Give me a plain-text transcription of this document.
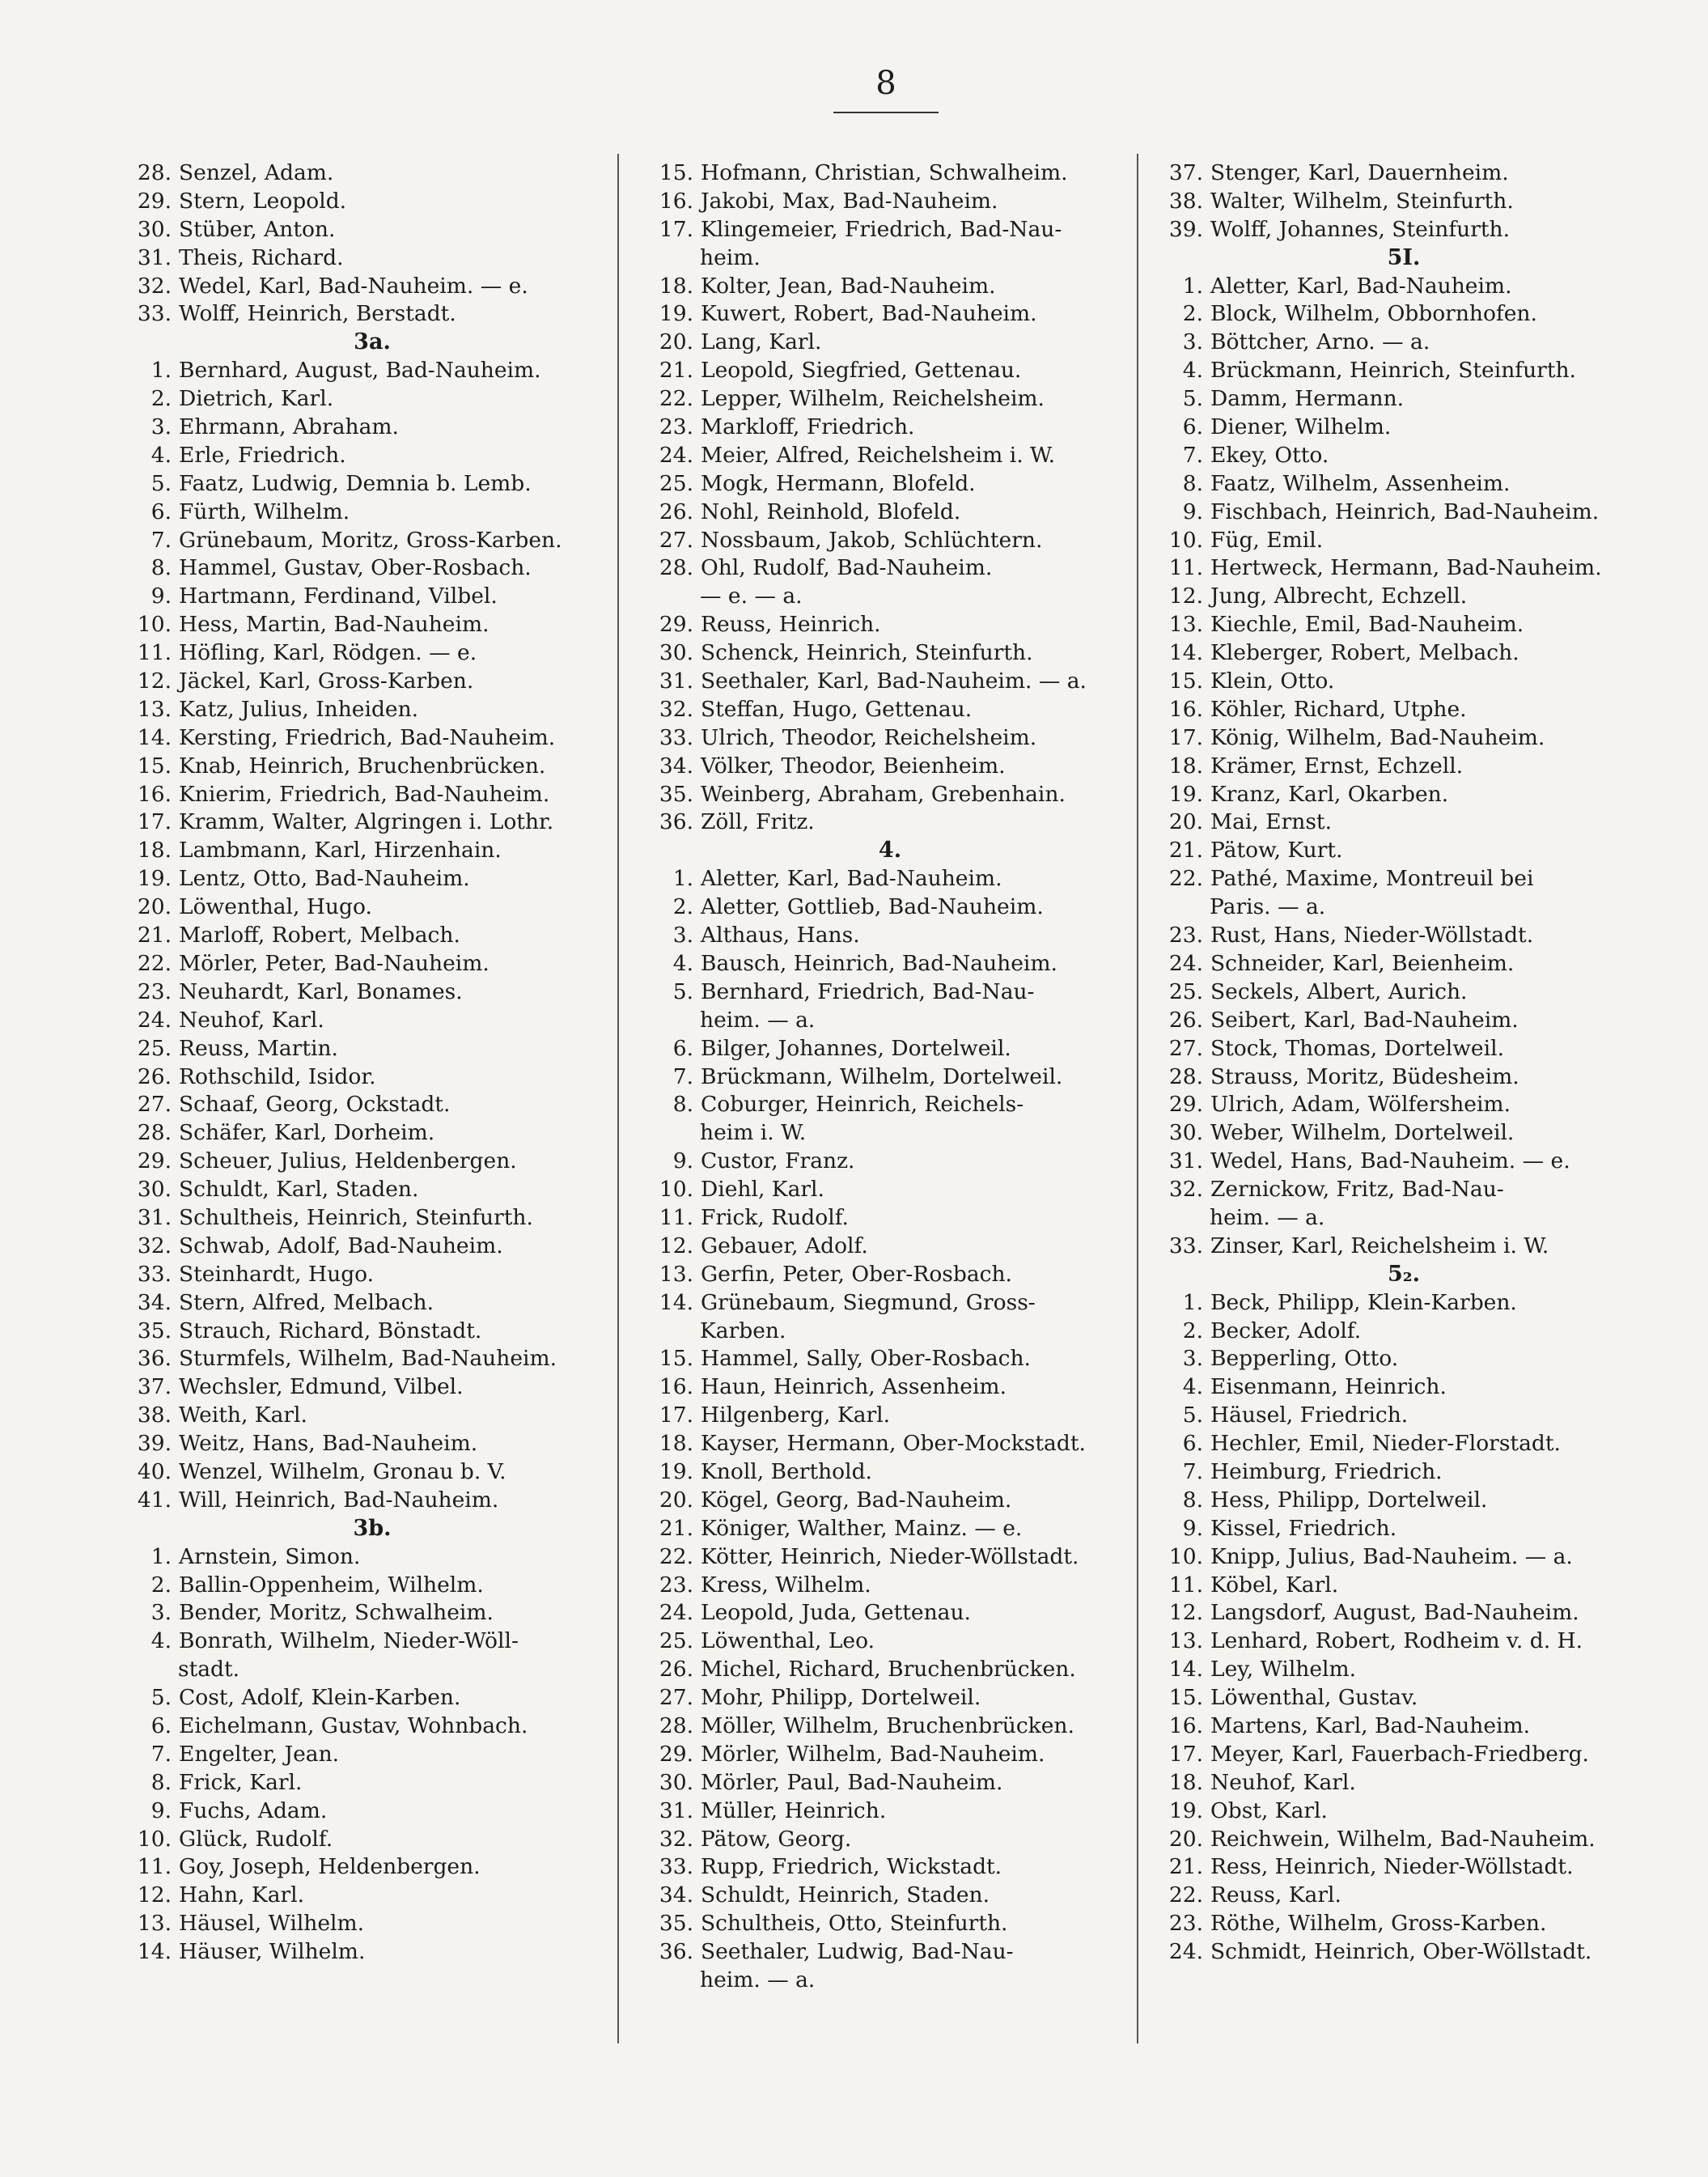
8
28. Senzel, Adam.
29. Stern, Leopold.
30. Stüber, Anton.
31. Theis, Richard.
32. Wedel, Karl, Bad-Nauheim. — e.
33. Wolff, Heinrich, Berstadt.
3a.
1. Bernhard, August, Bad-Nauheim.
2. Dietrich, Karl.
3. Ehrmann, Abraham.
4. Erle, Friedrich.
5. Faatz, Ludwig, Demnia b. Lemb.
6. Fürth, Wilhelm.
7. Grünebaum, Moritz, Gross-Karben.
8. Hammel, Gustav, Ober-Rosbach.
9. Hartmann, Ferdinand, Vilbel.
10. Hess, Martin, Bad-Nauheim.
11. Höfling, Karl, Rödgen. — e.
12. Jäckel, Karl, Gross-Karben.
13. Katz, Julius, Inheiden.
14. Kersting, Friedrich, Bad-Nauheim.
15. Knab, Heinrich, Bruchenbrücken.
16. Knierim, Friedrich, Bad-Nauheim.
17. Kramm, Walter, Algringen i. Lothr.
18. Lambmann, Karl, Hirzenhain.
19. Lentz, Otto, Bad-Nauheim.
20. Löwenthal, Hugo.
21. Marloff, Robert, Melbach.
22. Mörler, Peter, Bad-Nauheim.
23. Neuhardt, Karl, Bonames.
24. Neuhof, Karl.
25. Reuss, Martin.
26. Rothschild, Isidor.
27. Schaaf, Georg, Ockstadt.
28. Schäfer, Karl, Dorheim.
29. Scheuer, Julius, Heldenbergen.
30. Schuldt, Karl, Staden.
31. Schultheis, Heinrich, Steinfurth.
32. Schwab, Adolf, Bad-Nauheim.
33. Steinhardt, Hugo.
34. Stern, Alfred, Melbach.
35. Strauch, Richard, Bönstadt.
36. Sturmfels, Wilhelm, Bad-Nauheim.
37. Wechsler, Edmund, Vilbel.
38. Weith, Karl.
39. Weitz, Hans, Bad-Nauheim.
40. Wenzel, Wilhelm, Gronau b. V.
41. Will, Heinrich, Bad-Nauheim.
3b.
1. Arnstein, Simon.
2. Ballin-Oppenheim, Wilhelm.
3. Bender, Moritz, Schwalheim.
4. Bonrath, Wilhelm, Nieder-Wöll-
stadt.
5. Cost, Adolf, Klein-Karben.
6. Eichelmann, Gustav, Wohnbach.
7. Engelter, Jean.
8. Frick, Karl.
9. Fuchs, Adam.
10. Glück, Rudolf.
11. Goy, Joseph, Heldenbergen.
12. Hahn, Karl.
13. Häusel, Wilhelm.
14. Häuser, Wilhelm.
15. Hofmann, Christian, Schwalheim.
16. Jakobi, Max, Bad-Nauheim.
17. Klingemeier, Friedrich, Bad-Nau-
heim.
18. Kolter, Jean, Bad-Nauheim.
19. Kuwert, Robert, Bad-Nauheim.
20. Lang, Karl.
21. Leopold, Siegfried, Gettenau.
22. Lepper, Wilhelm, Reichelsheim.
23. Markloff, Friedrich.
24. Meier, Alfred, Reichelsheim i. W.
25. Mogk, Hermann, Blofeld.
26. Nohl, Reinhold, Blofeld.
27. Nossbaum, Jakob, Schlüchtern.
28. Ohl, Rudolf, Bad-Nauheim.
— e. — a.
29. Reuss, Heinrich.
30. Schenck, Heinrich, Steinfurth.
31. Seethaler, Karl, Bad-Nauheim. — a.
32. Steffan, Hugo, Gettenau.
33. Ulrich, Theodor, Reichelsheim.
34. Völker, Theodor, Beienheim.
35. Weinberg, Abraham, Grebenhain.
36. Zöll, Fritz.
4.
1. Aletter, Karl, Bad-Nauheim.
2. Aletter, Gottlieb, Bad-Nauheim.
3. Althaus, Hans.
4. Bausch, Heinrich, Bad-Nauheim.
5. Bernhard, Friedrich, Bad-Nau-
heim. — a.
6. Bilger, Johannes, Dortelweil.
7. Brückmann, Wilhelm, Dortelweil.
8. Coburger, Heinrich, Reichels-
heim i. W.
9. Custor, Franz.
10. Diehl, Karl.
11. Frick, Rudolf.
12. Gebauer, Adolf.
13. Gerfin, Peter, Ober-Rosbach.
14. Grünebaum, Siegmund, Gross-
Karben.
15. Hammel, Sally, Ober-Rosbach.
16. Haun, Heinrich, Assenheim.
17. Hilgenberg, Karl.
18. Kayser, Hermann, Ober-Mockstadt.
19. Knoll, Berthold.
20. Kögel, Georg, Bad-Nauheim.
21. Königer, Walther, Mainz. — e.
22. Kötter, Heinrich, Nieder-Wöllstadt.
23. Kress, Wilhelm.
24. Leopold, Juda, Gettenau.
25. Löwenthal, Leo.
26. Michel, Richard, Bruchenbrücken.
27. Mohr, Philipp, Dortelweil.
28. Möller, Wilhelm, Bruchenbrücken.
29. Mörler, Wilhelm, Bad-Nauheim.
30. Mörler, Paul, Bad-Nauheim.
31. Müller, Heinrich.
32. Pätow, Georg.
33. Rupp, Friedrich, Wickstadt.
34. Schuldt, Heinrich, Staden.
35. Schultheis, Otto, Steinfurth.
36. Seethaler, Ludwig, Bad-Nau-
heim. — a.
37. Stenger, Karl, Dauernheim.
38. Walter, Wilhelm, Steinfurth.
39. Wolff, Johannes, Steinfurth.
5I.
1. Aletter, Karl, Bad-Nauheim.
2. Block, Wilhelm, Obbornhofen.
3. Böttcher, Arno. — a.
4. Brückmann, Heinrich, Steinfurth.
5. Damm, Hermann.
6. Diener, Wilhelm.
7. Ekey, Otto.
8. Faatz, Wilhelm, Assenheim.
9. Fischbach, Heinrich, Bad-Nauheim.
10. Füg, Emil.
11. Hertweck, Hermann, Bad-Nauheim.
12. Jung, Albrecht, Echzell.
13. Kiechle, Emil, Bad-Nauheim.
14. Kleberger, Robert, Melbach.
15. Klein, Otto.
16. Köhler, Richard, Utphe.
17. König, Wilhelm, Bad-Nauheim.
18. Krämer, Ernst, Echzell.
19. Kranz, Karl, Okarben.
20. Mai, Ernst.
21. Pätow, Kurt.
22. Pathé, Maxime, Montreuil bei
Paris. — a.
23. Rust, Hans, Nieder-Wöllstadt.
24. Schneider, Karl, Beienheim.
25. Seckels, Albert, Aurich.
26. Seibert, Karl, Bad-Nauheim.
27. Stock, Thomas, Dortelweil.
28. Strauss, Moritz, Büdesheim.
29. Ulrich, Adam, Wölfersheim.
30. Weber, Wilhelm, Dortelweil.
31. Wedel, Hans, Bad-Nauheim. — e.
32. Zernickow, Fritz, Bad-Nau-
heim. — a.
33. Zinser, Karl, Reichelsheim i. W.
5₂.
1. Beck, Philipp, Klein-Karben.
2. Becker, Adolf.
3. Bepperling, Otto.
4. Eisenmann, Heinrich.
5. Häusel, Friedrich.
6. Hechler, Emil, Nieder-Florstadt.
7. Heimburg, Friedrich.
8. Hess, Philipp, Dortelweil.
9. Kissel, Friedrich.
10. Knipp, Julius, Bad-Nauheim. — a.
11. Köbel, Karl.
12. Langsdorf, August, Bad-Nauheim.
13. Lenhard, Robert, Rodheim v. d. H.
14. Ley, Wilhelm.
15. Löwenthal, Gustav.
16. Martens, Karl, Bad-Nauheim.
17. Meyer, Karl, Fauerbach-Friedberg.
18. Neuhof, Karl.
19. Obst, Karl.
20. Reichwein, Wilhelm, Bad-Nauheim.
21. Ress, Heinrich, Nieder-Wöllstadt.
22. Reuss, Karl.
23. Röthe, Wilhelm, Gross-Karben.
24. Schmidt, Heinrich, Ober-Wöllstadt.
